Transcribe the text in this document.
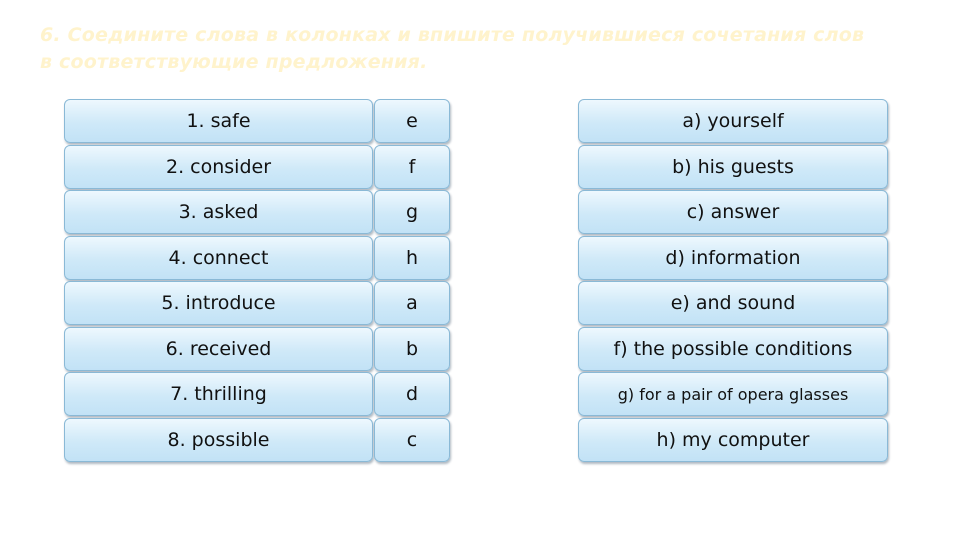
6. Соедините слова в колонках и впишите получившиеся сочетания слов
в соответствующие предложения.
1. safe
2. consider
3. asked
4. connect
5. introduce
6. received
7. thrilling
8. possible
e
f
g
h
a
b
d
c
a) yourself
b) his guests
c) answer
d) information
e) and sound
f) the possible conditions
g) for a pair of opera glasses
h) my computer
